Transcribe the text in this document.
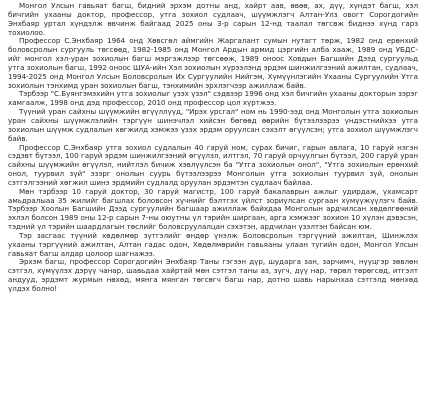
Монгол Улсын гавьяат багш, бидний эрхэм дотны анд, хайрт аав, өвөө, ах, дүү, хүндэт багш, хэл бичгийн ухааны доктор, профессор, утга зохиол судлаач, шүүмжлэгч Алтан-Улз овогт Сорогдогийн Энхбаяр уртал хүндэлж өвчинж байгаад 2025 оны 3-р сарын 12-нд таалал төгсөж биднээ хүнд гарз тохиолоо.

Профессор С.Энхбаяр 1964 онд Хөвсгөл аймгийн Жаргалант сумын нутагт төрж, 1982 онд ерөнхий боловсролын сургууль төгсөөд, 1982-1985 онд Монгол Ардын армид цэргийн алба хааж, 1989 онд УБДС-ийг монгол хэл-уран зохиолын багш мэргэжлээр төгсөөж, 1989 оноос Ховдын Багшийн Дээд сургуульд утга зохиолын багш, 1992 оноос ШУА-ийн Хэл зохиолын хүрээлэнд эрдэм шинжилгээний ажилтан, судлаач, 1994-2025 онд Монгол Улсын Боловсролын Их Сургуулийн Нийгэм, Хүмүүнлэгийн Ухааны Сургуулийн Утга зохиолын тэнхимд уран зохиолын багш, тэнхимийн эрхлэгчээр ажиллаж байв.

Тэрбээр "С.Буянгэмэхийн утга зохиолыг үзэх үзэл" сэдвээр 1996 онд хэл бичгийн ухааны докторын зэрэг хамгаалж, 1998 онд дэд профессор, 2010 онд профессор цол хүртжээ.

Түүний уран сайхны шүүмжийн өгүүллүүд, "Ирэх урсгал" ном нь 1990-ээд онд Монголын утга зохиолын уран сайхны шүүмжлэлийн тэргүүн шинэчлэл хийсэн бөгөөд өөрийн бүтээлээрээ үндэстнийхээ утга зохиолын шүүмж судлалын хөгжилд хэмжээ үзэх эрдэм оруулсан сэхэлт өгүүлсэн; утга зохиол шүүмжлэгч байв.

Профессор С.Энхбаяр утга зохиол судлалын 40 гаруй ном, сурах бичиг, гарын авлага, 10 гаруй нэгэн сэдэвт бүтээл, 100 гаруй эрдэм шинжилгээний өгүүлэл, илтгэл, 70 гаруй орчуулгын бүтээл, 200 гаруй уран сайхны шүүмжийн өгүүлэл, нийтлэл бичиж хэвлүүлсэн ба "Утга зохиолын онол", "Утга зохиолын ерөнхий онол, туурвил зүй" эзэрг онолын суурь бүтээлээрээ Монголын утга зохиолын туурвил зүй, онолын сэтгэлгээний хөгжил шинэ эрдмийн судлалд оруулан эрдэмтэн судлаач байлаа.

Мөн тэрбээр 10 гаруй доктор, 30 гаруй магистр, 100 гаруй бакалаврын ажлыг удирдаж, үхамсарт амьдралыаа 35 жилийг багшлах боловсон хүчнийг бэлтгэх үйлст зориулсан сургаан хүмүүжүүлэгч байв. Тэрбээр Хоолын Багшийн Дээд сургуулийн багшаар ажиллаж байхдаа Монголын ардчилсан хөдөлгөөний эхлэл болсон 1989 оны 12-р сарын 7-ны оюутны үл тэрийн ширгаан, арга хэмжээг зохион 10 хүлэн дэвэсэн, тэдний үл тэрийн шаардлагын төслийг боловсруулалцан сэхэтэн, ардчилан үзэлтэн байсан юм.

Тэр засгаас түүний хөдөлмөр зүтгэлийг өндөр үнэлж Боловсролын тэргүүний ажилтан, Шинжлэх ухааны тэргүүний ажилтан, Алтан гадас одон, Хөдөлмөрийн гавьяаны улаан тугийн одон, Монгол Улсын гавьяат багш алдар цолоор шагнажээ.

Эрхэм багш, профессор Сорогдогийн Энхбаяр Таны гэгээн дүр, шударга зан, зарчимч, нүүцгэр зөвлөн сэтгэл, хүмүүлэх дэрүү чанар, шавьдаа хайртай мөн сэтгэл таны аз, зүгч, дүү нар, төрөл төрөгсөд, итгэлт андууд, эрдэмт журмын нөхөд, мянга мянган төгсөгч багш нар, дотно шавь нарынхаа сэтгэлд мөнхөд үлдэх болно!
